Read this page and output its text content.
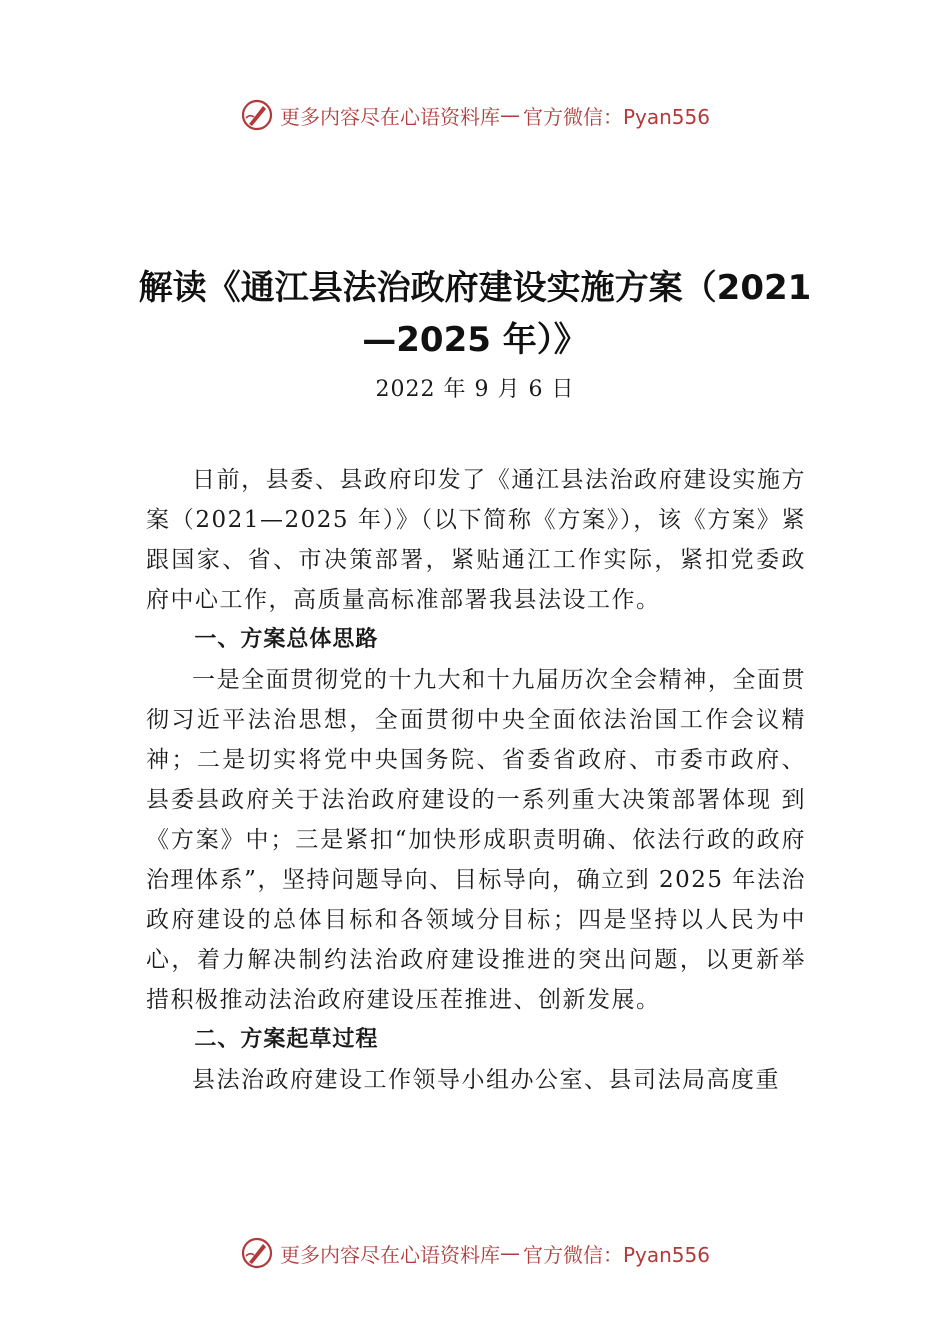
更多内容尽在心语资料库 — 官方微信：Pyan556
解读《通江县法治政府建设实施方案（2021
—2025 年）》
2022 年 9 月 6 日

日前，县委、县政府印发了《通江县法治政府建设实施方案（2021—2025 年）》（以下简称《方案》），该《方案》紧跟国家、省、市决策部署，紧贴通江工作实际，紧扣党委政府中心工作，高质量高标准部署我县法设工作。

一、方案总体思路

一是全面贯彻党的十九大和十九届历次全会精神，全面贯彻习近平法治思想，全面贯彻中央全面依法治国工作会议精神；二是切实将党中央国务院、省委省政府、市委市政府、 县委县政府关于法治政府建设的一系列重大决策部署体现 到《方案》中；三是紧扣“加快形成职责明确、依法行政的政府治理体系”，坚持问题导向、目标导向，确立到 2025 年法治政府建设的总体目标和各领域分目标；四是坚持以人民为中心，着力解决制约法治政府建设推进的突出问题，以更新举措积极推动法治政府建设压茬推进、创新发展。

二、方案起草过程

县法治政府建设工作领导小组办公室、县司法局高度重

更多内容尽在心语资料库 — 官方微信：Pyan556
